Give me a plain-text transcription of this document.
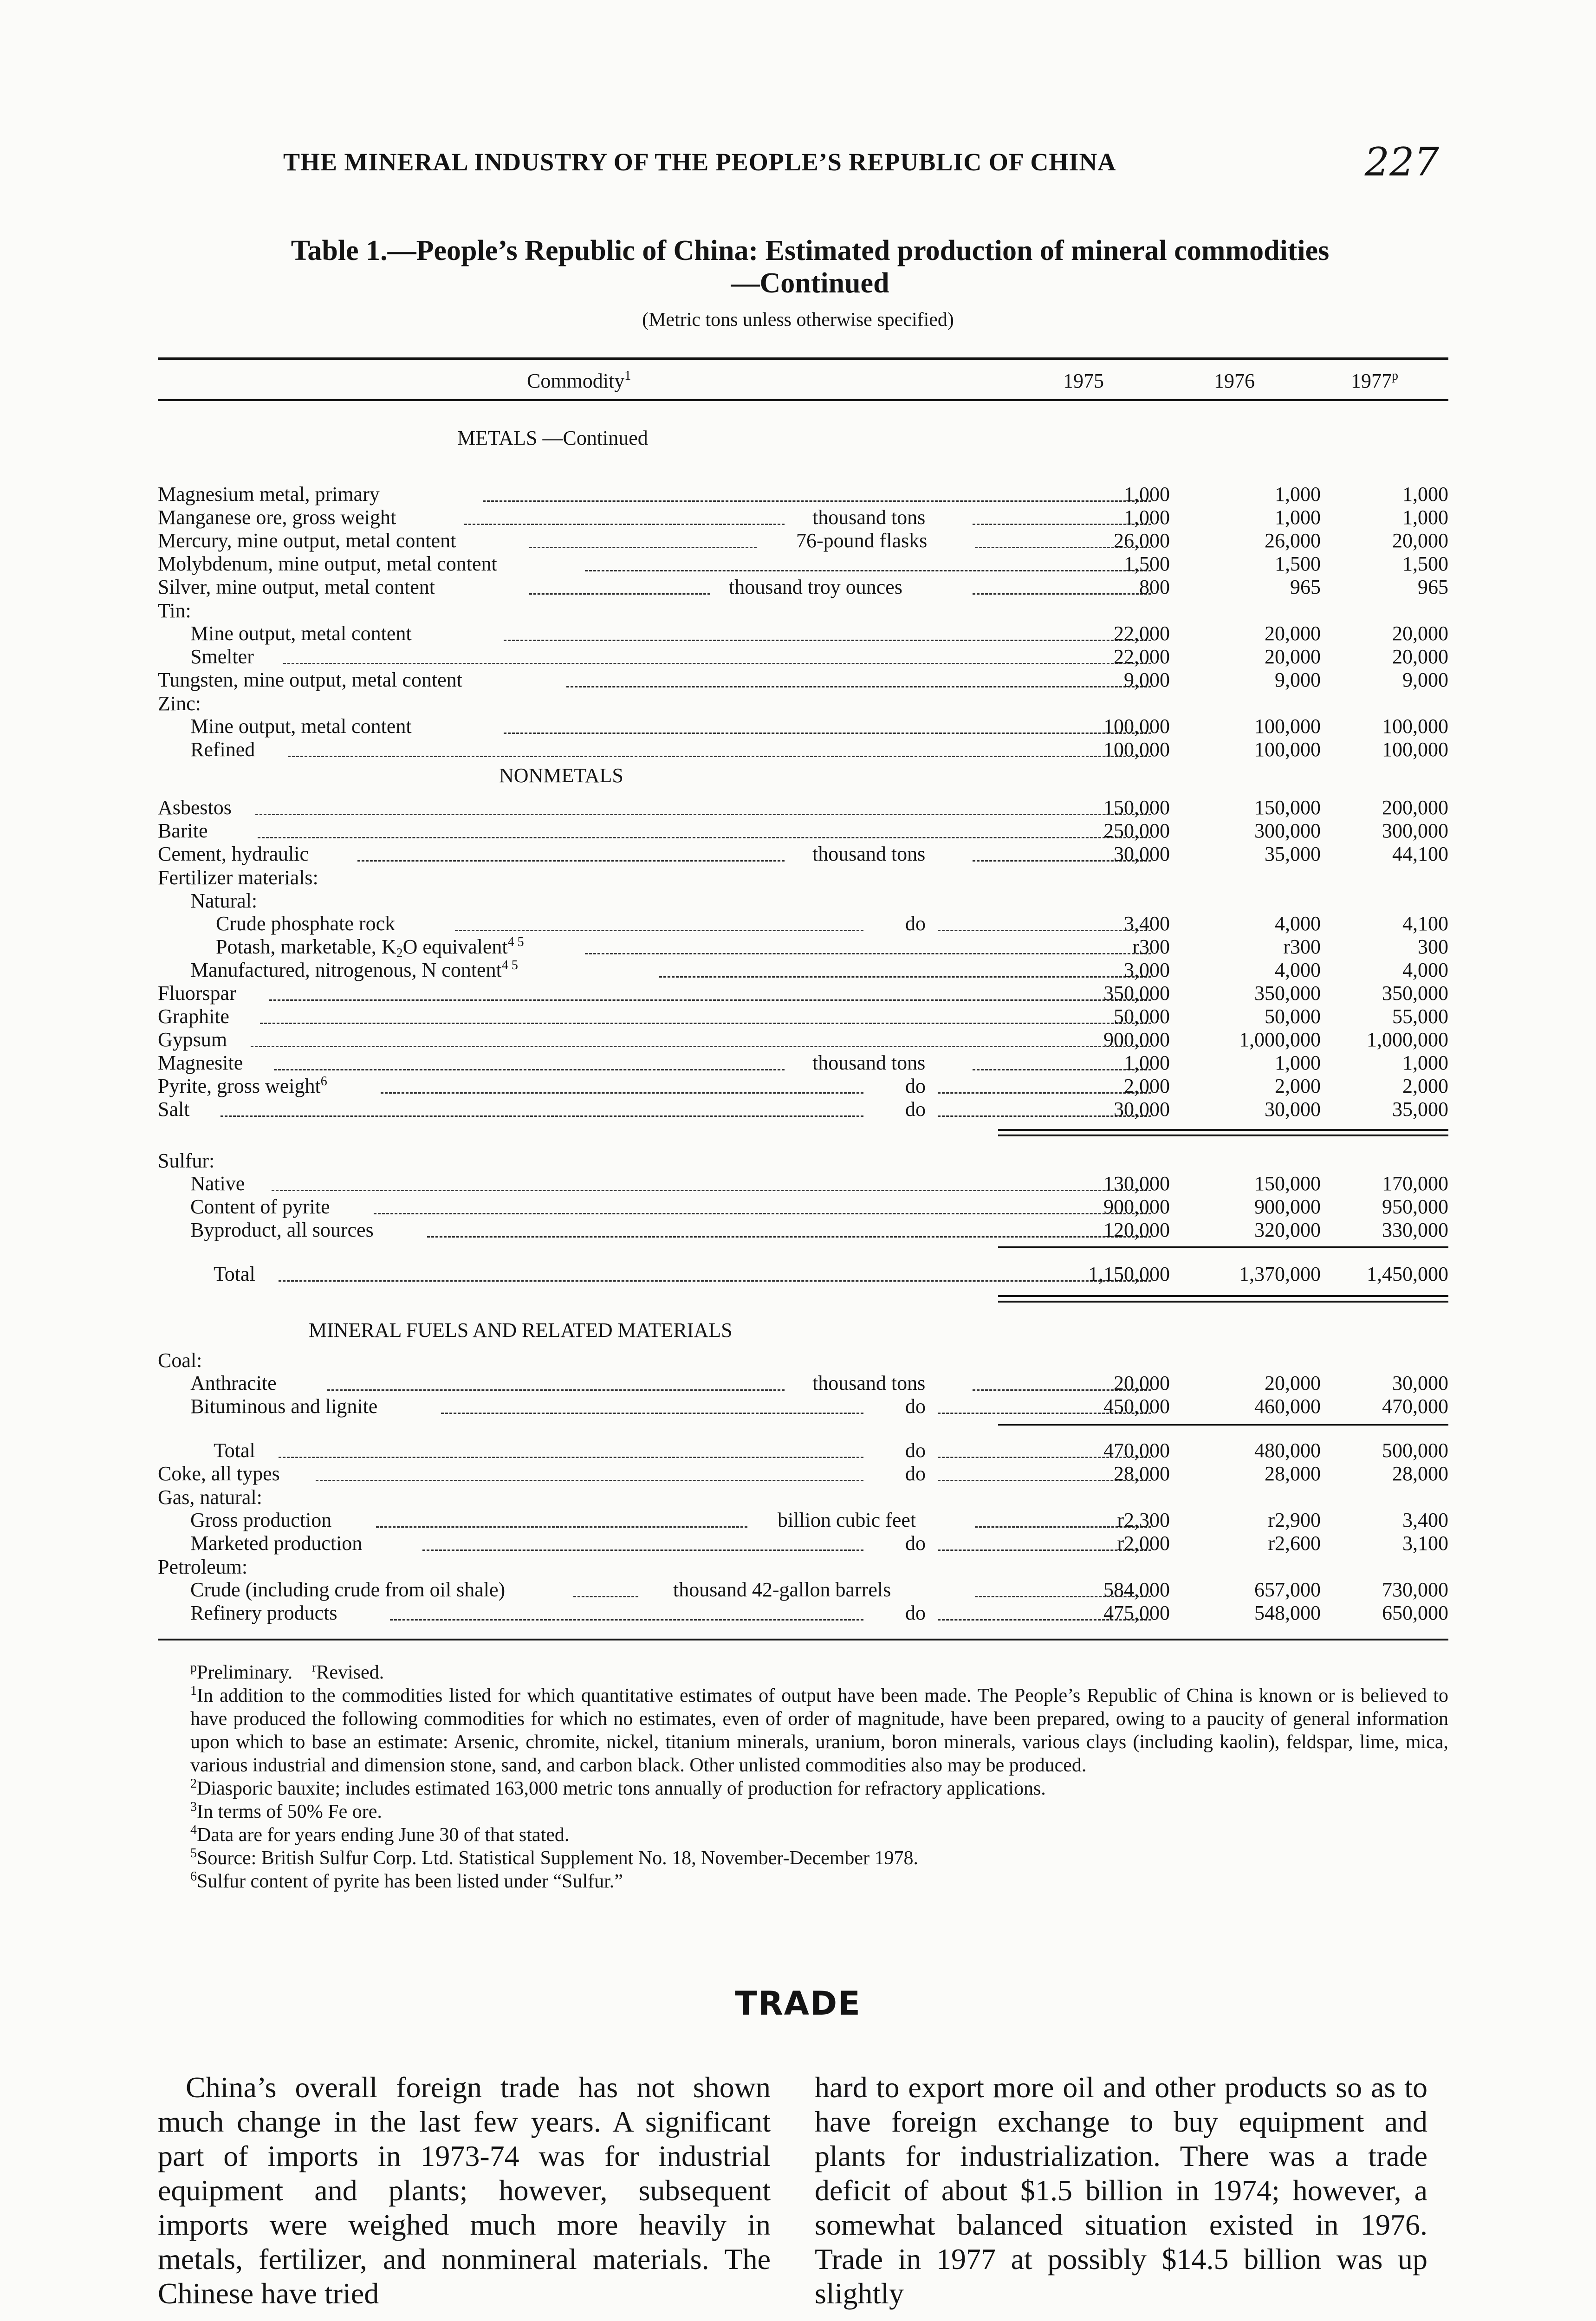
THE MINERAL INDUSTRY OF THE PEOPLE’S REPUBLIC OF CHINA	227
Table 1.—People’s Republic of China: Estimated production of mineral commodities
—Continued
(Metric tons unless otherwise specified)
Commodity$^1$	1975	1976	1977$^p$
METALS —Continued
Magnesium metal, primary	1,000	1,000	1,000
Manganese ore, gross weight	thousand tons	1,000	1,000	1,000
Mercury, mine output, metal content	76-pound flasks	26,000	26,000	20,000
Molybdenum, mine output, metal content	1,500	1,500	1,500
Silver, mine output, metal content	thousand troy ounces	800	965	965
Tin:
Mine output, metal content	22,000	20,000	20,000
Smelter	22,000	20,000	20,000
Tungsten, mine output, metal content	9,000	9,000	9,000
Zinc:
Mine output, metal content	100,000	100,000	100,000
Refined	100,000	100,000	100,000
NONMETALS
Asbestos	150,000	150,000	200,000
Barite	250,000	300,000	300,000
Cement, hydraulic	thousand tons	30,000	35,000	44,100
Fertilizer materials:
Natural:
Crude phosphate rock	do	3,400	4,000	4,100
Potash, marketable, $K_2O$ equivalent$^{4 5}$	r300	r300	300
Manufactured, nitrogenous, N content$^{4 5}$	3,000	4,000	4,000
Fluorspar	350,000	350,000	350,000
Graphite	50,000	50,000	55,000
Gypsum	900,000	1,000,000	1,000,000
Magnesite	thousand tons	1,000	1,000	1,000
Pyrite, gross weight$^6$	do	2,000	2,000	2,000
Salt	do	30,000	30,000	35,000
Sulfur:
Native	130,000	150,000	170,000
Content of pyrite	900,000	900,000	950,000
Byproduct, all sources	120,000	320,000	330,000
Total	1,150,000	1,370,000	1,450,000
MINERAL FUELS AND RELATED MATERIALS
Coal:
Anthracite	thousand tons	20,000	20,000	30,000
Bituminous and lignite	do	450,000	460,000	470,000
Total	do	470,000	480,000	500,000
Coke, all types	do	28,000	28,000	28,000
Gas, natural:
Gross production	billion cubic feet	r2,300	r2,900	3,400
Marketed production	do	r2,000	r2,600	3,100
Petroleum:
Crude (including crude from oil shale)	thousand 42-gallon barrels	584,000	657,000	730,000
Refinery products	do	475,000	548,000	650,000

$^p$Preliminary. $^r$Revised.

$^1$In addition to the commodities listed for which quantitative estimates of output have been made. The People’s Republic of China is known or is believed to have produced the following commodities for which no estimates, even of order of magnitude, have been prepared, owing to a paucity of general information upon which to base an estimate: Arsenic, chromite, nickel, titanium minerals, uranium, boron minerals, various clays (including kaolin), feldspar, lime, mica, various industrial and dimension stone, sand, and carbon black. Other unlisted commodities also may be produced.

$^2$Diasporic bauxite; includes estimated 163,000 metric tons annually of production for refractory applications.

$^3$In terms of 50% Fe ore.

$^4$Data are for years ending June 30 of that stated.

$^5$Source: British Sulfur Corp. Ltd. Statistical Supplement No. 18, November-December 1978.

$^6$Sulfur content of pyrite has been listed under “Sulfur.”

TRADE

China’s overall foreign trade has not shown much change in the last few years. A significant part of imports in 1973-74 was for industrial equipment and plants; however, subsequent imports were weighed much more heavily in metals, fertilizer, and nonmineral materials. The Chinese have tried

hard to export more oil and other products so as to have foreign exchange to buy equipment and plants for industrialization. There was a trade deficit of about $1.5 billion in 1974; however, a somewhat balanced situation existed in 1976. Trade in 1977 at possibly $14.5 billion was up slightly
